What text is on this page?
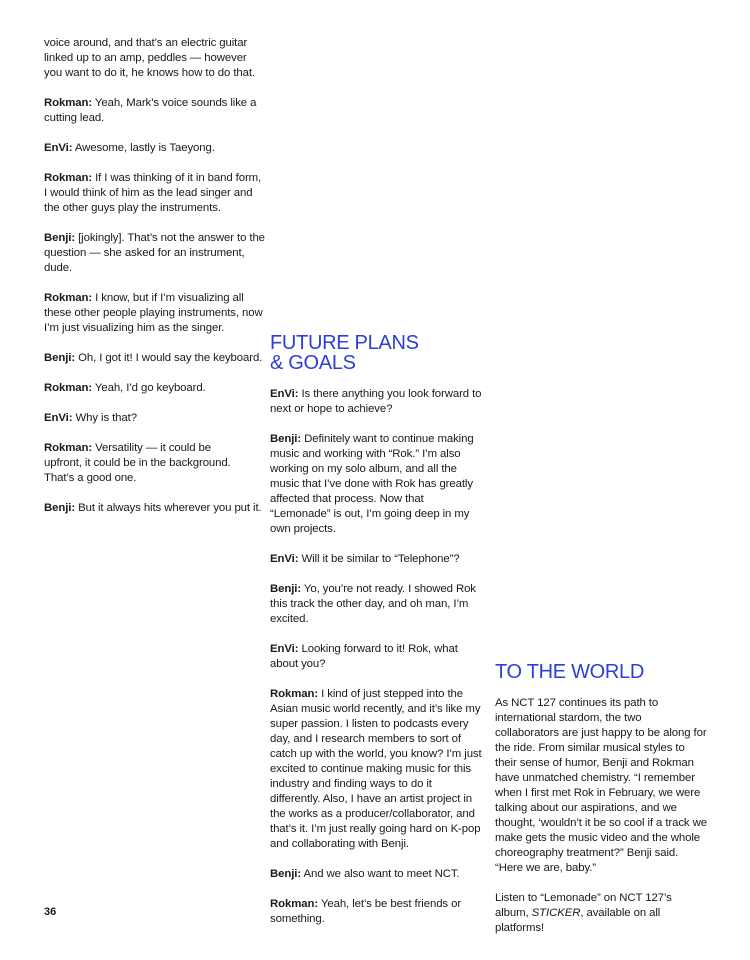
voice around, and that’s an electric guitar linked up to an amp, peddles — however you want to do it, he knows how to do that.

Rokman: Yeah, Mark’s voice sounds like a cutting lead.

EnVi: Awesome, lastly is Taeyong.

Rokman: If I was thinking of it in band form, I would think of him as the lead singer and the other guys play the instruments.

Benji: [jokingly]. That’s not the answer to the question — she asked for an instrument, dude.

Rokman: I know, but if I’m visualizing all these other people playing instruments, now I’m just visualizing him as the singer.

Benji: Oh, I got it! I would say the keyboard.

Rokman: Yeah, I’d go keyboard.

EnVi: Why is that?

Rokman: Versatility — it could be upfront, it could be in the background. That’s a good one.

Benji: But it always hits wherever you put it.

FUTURE PLANS
& GOALS

EnVi: Is there anything you look forward to next or hope to achieve?

Benji: Definitely want to continue making music and working with “Rok.” I’m also working on my solo album, and all the music that I’ve done with Rok has greatly affected that process. Now that “Lemonade” is out, I’m going deep in my own projects.

EnVi: Will it be similar to “Telephone”?

Benji: Yo, you’re not ready. I showed Rok this track the other day, and oh man, I’m excited.

EnVi: Looking forward to it! Rok, what about you?

Rokman: I kind of just stepped into the Asian music world recently, and it’s like my super passion. I listen to podcasts every day, and I research members to sort of catch up with the world, you know? I’m just excited to continue making music for this industry and finding ways to do it differently. Also, I have an artist project in the works as a producer/collaborator, and that’s it. I’m just really going hard on K-pop and collaborating with Benji.

Benji: And we also want to meet NCT.

Rokman: Yeah, let’s be best friends or something.

TO THE WORLD

As NCT 127 continues its path to international stardom, the two collaborators are just happy to be along for the ride. From similar musical styles to their sense of humor, Benji and Rokman have unmatched chemistry. “I remember when I first met Rok in February, we were talking about our aspirations, and we thought, ‘wouldn’t it be so cool if a track we make gets the music video and the whole choreography treatment?” Benji said. “Here we are, baby.”

Listen to “Lemonade” on NCT 127’s album, STICKER, available on all platforms!

36
